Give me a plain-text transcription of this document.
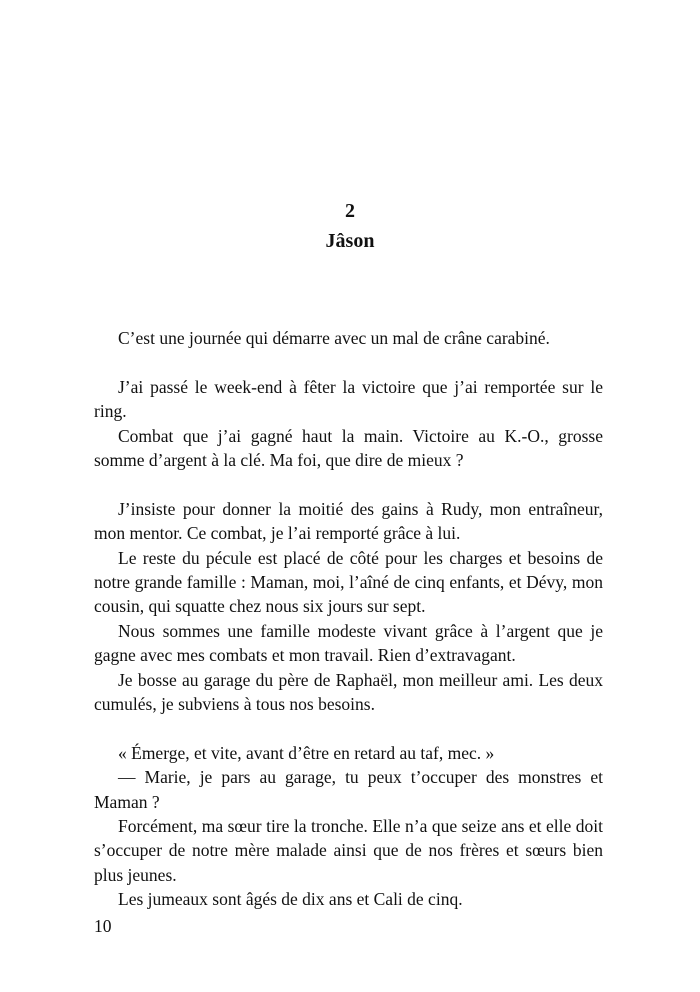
2
Jâson

C’est une journée qui démarre avec un mal de crâne carabiné.

J’ai passé le week-end à fêter la victoire que j’ai remportée sur le ring.

Combat que j’ai gagné haut la main. Victoire au K.-O., grosse somme d’argent à la clé. Ma foi, que dire de mieux ?

J’insiste pour donner la moitié des gains à Rudy, mon entraîneur, mon mentor. Ce combat, je l’ai remporté grâce à lui.

Le reste du pécule est placé de côté pour les charges et besoins de notre grande famille : Maman, moi, l’aîné de cinq enfants, et Dévy, mon cousin, qui squatte chez nous six jours sur sept.

Nous sommes une famille modeste vivant grâce à l’argent que je gagne avec mes combats et mon travail. Rien d’extravagant.

Je bosse au garage du père de Raphaël, mon meilleur ami. Les deux cumulés, je subviens à tous nos besoins.

« Émerge, et vite, avant d’être en retard au taf, mec. »

— Marie, je pars au garage, tu peux t’occuper des monstres et Maman ?

Forcément, ma sœur tire la tronche. Elle n’a que seize ans et elle doit s’occuper de notre mère malade ainsi que de nos frères et sœurs bien plus jeunes.

Les jumeaux sont âgés de dix ans et Cali de cinq.

10
